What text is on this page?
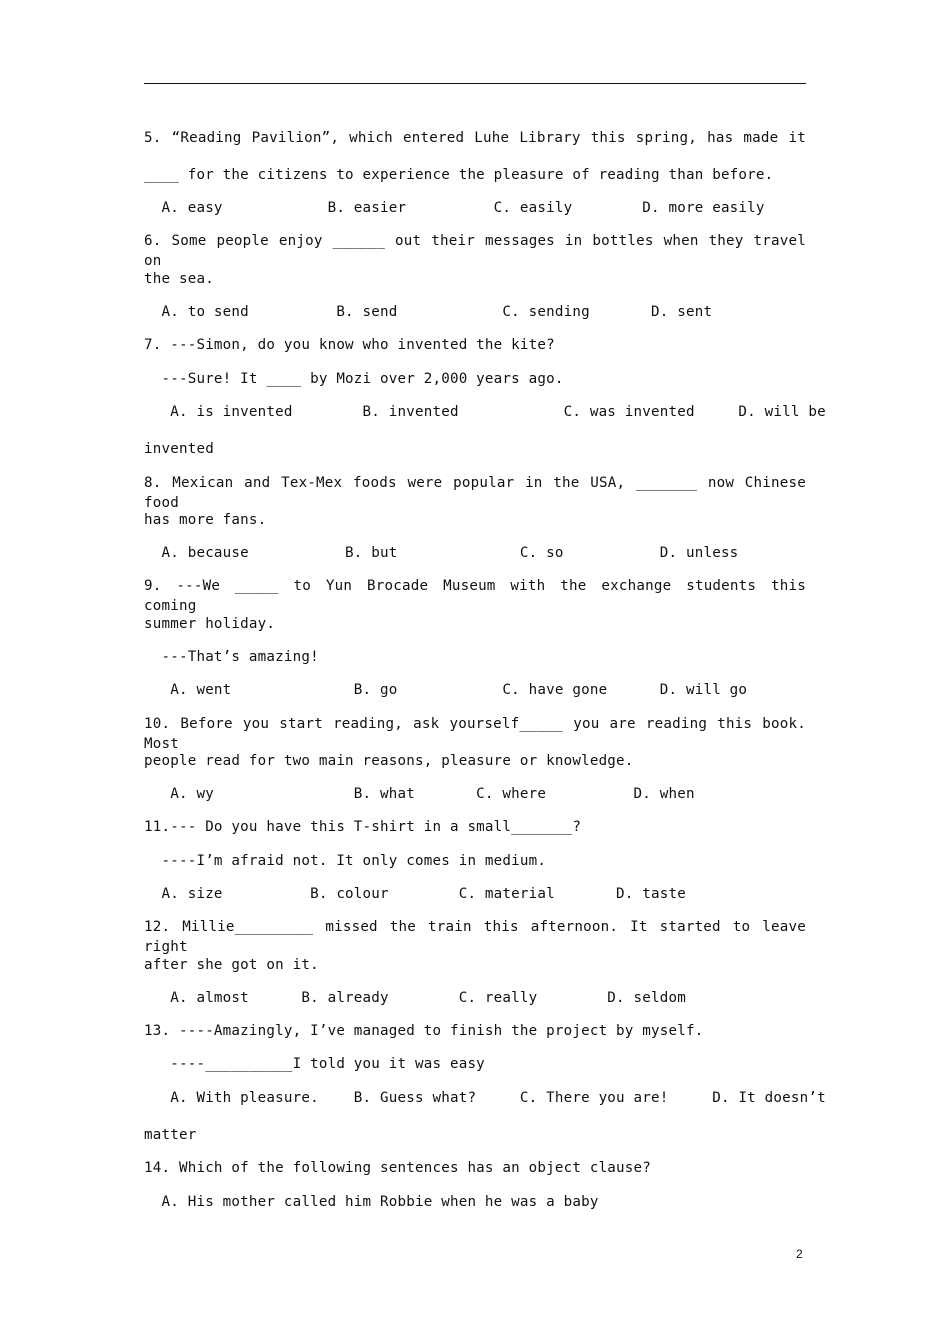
5. “Reading Pavilion”, which entered Luhe Library this spring, has made it
____ for the citizens to experience the pleasure of reading than before.
A. easy            B. easier          C. easily        D. more easily
6. Some people enjoy ______ out their messages in bottles when they travel on
the sea.
A. to send          B. send            C. sending       D. sent
7. ---Simon, do you know who invented the kite?
---Sure! It ____ by Mozi over 2,000 years ago.
A. is invented        B. invented            C. was invented     D. will be
invented
8. Mexican and Tex-Mex foods were popular in the USA, _______ now Chinese food
has more fans.
A. because           B. but              C. so           D. unless
9. ---We _____ to Yun Brocade Museum with the exchange students this coming
summer holiday.
---That’s amazing!
A. went              B. go            C. have gone      D. will go
10. Before you start reading, ask yourself_____ you are reading this book. Most
people read for two main reasons, pleasure or knowledge.
A. wy                B. what       C. where          D. when
11.--- Do you have this T-shirt in a small_______?
----I’m afraid not. It only comes in medium.
A. size          B. colour        C. material       D. taste
12. Millie_________ missed the train this afternoon. It started to leave right
after she got on it.
A. almost      B. already        C. really        D. seldom
13. ----Amazingly, I’ve managed to finish the project by myself.
----__________I told you it was easy
A. With pleasure.    B. Guess what?     C. There you are!     D. It doesn’t
matter
14. Which of the following sentences has an object clause?
A. His mother called him Robbie when he was a baby
2
